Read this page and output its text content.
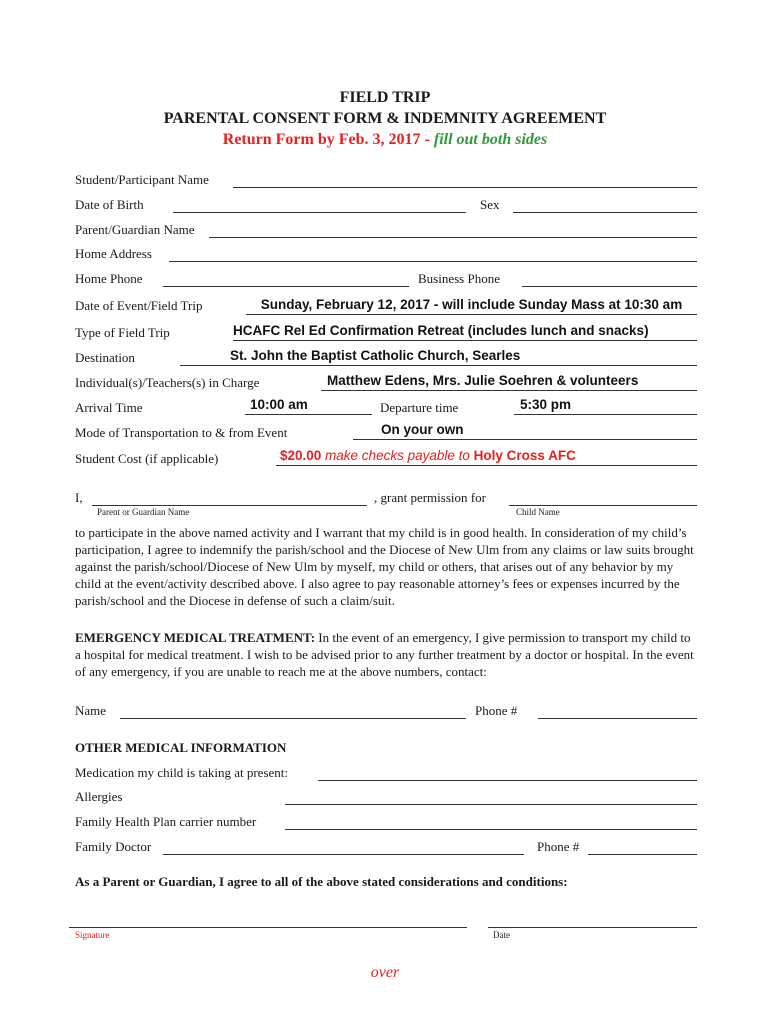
FIELD TRIP
PARENTAL CONSENT FORM & INDEMNITY AGREEMENT
Return Form by Feb. 3, 2017 - fill out both sides
Student/Participant Name
Date of Birth	Sex
Parent/Guardian Name
Home Address
Home Phone	Business Phone
Date of Event/Field Trip	Sunday, February 12, 2017 - will include Sunday Mass at 10:30 am
Type of Field Trip	HCAFC Rel Ed Confirmation Retreat (includes lunch and snacks)
Destination	St. John the Baptist Catholic Church, Searles
Individual(s)/Teachers(s) in Charge	Matthew Edens, Mrs. Julie Soehren & volunteers
Arrival Time	10:00 am	Departure time	5:30 pm
Mode of Transportation to & from Event	On your own
Student Cost (if applicable)	$20.00 make checks payable to Holy Cross AFC
I,	, grant permission for
Parent or Guardian Name	Child Name
to participate in the above named activity and I warrant that my child is in good health. In consideration of my child’s participation, I agree to indemnify the parish/school and the Diocese of New Ulm from any claims or law suits brought against the parish/school/Diocese of New Ulm by myself, my child or others, that arises out of any behavior by my child at the event/activity described above. I also agree to pay reasonable attorney’s fees or expenses incurred by the parish/school and the Diocese in defense of such a claim/suit.
EMERGENCY MEDICAL TREATMENT: In the event of an emergency, I give permission to transport my child to a hospital for medical treatment. I wish to be advised prior to any further treatment by a doctor or hospital. In the event of any emergency, if you are unable to reach me at the above numbers, contact:
Name	Phone #
OTHER MEDICAL INFORMATION
Medication my child is taking at present:
Allergies
Family Health Plan carrier number
Family Doctor	Phone #
As a Parent or Guardian, I agree to all of the above stated considerations and conditions:
Signature	Date
over
